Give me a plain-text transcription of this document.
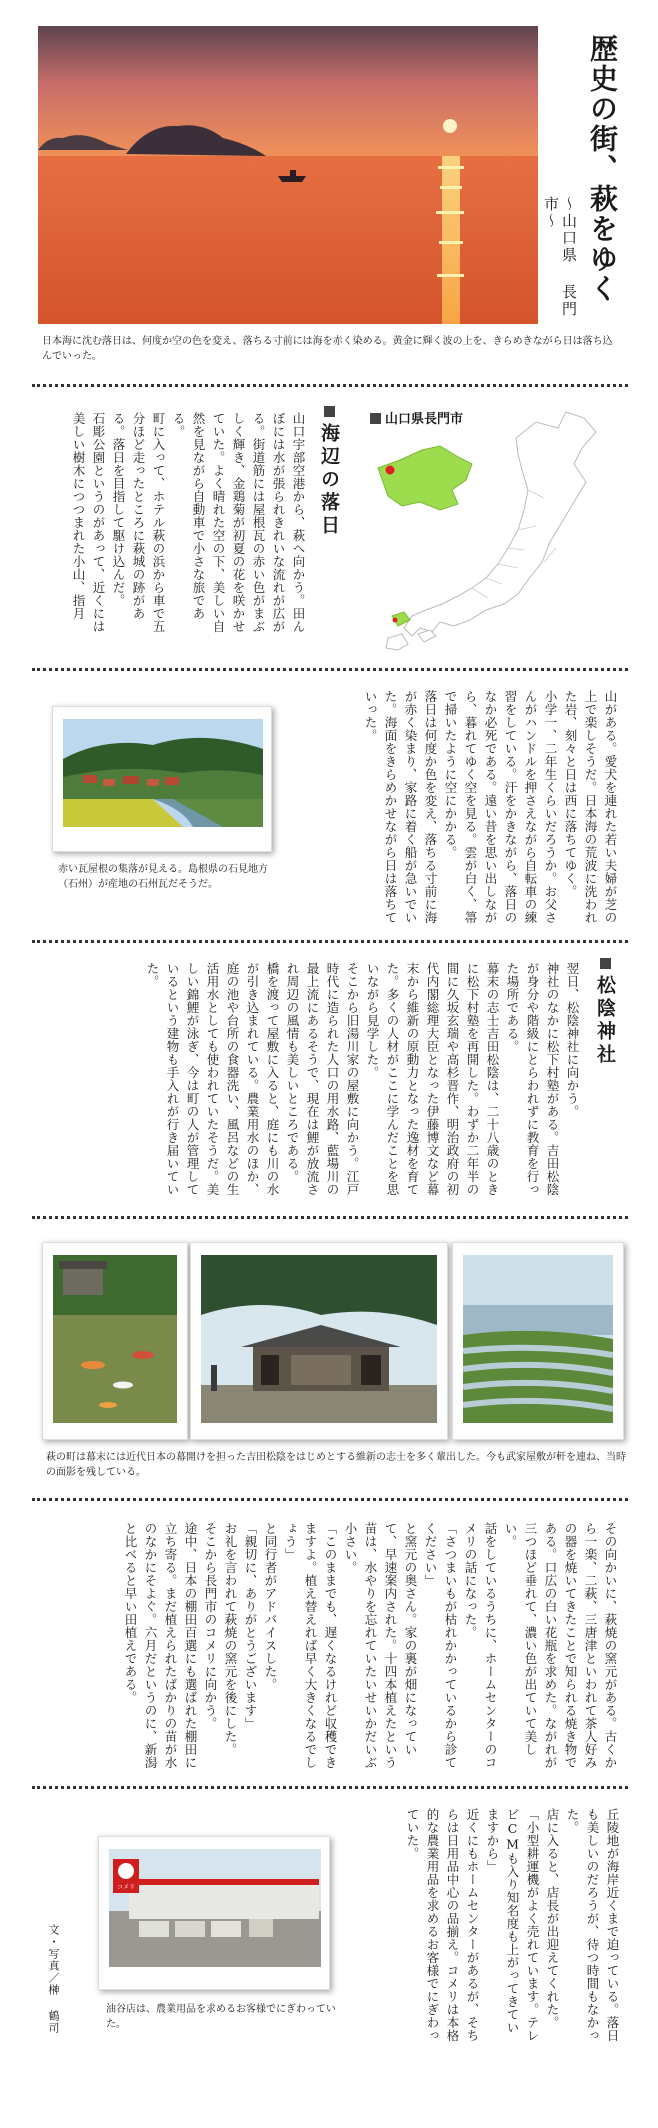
歴史の街、萩をゆく
〜山口県 長門市〜
日本海に沈む落日は、何度か空の色を変え、落ちる寸前には海を赤く染める。黄金に輝く波の上を、きらめきながら日は落ち込んでいった。
海辺の落日

山口宇部空港から、萩へ向かう。田んぼには水が張られきれいな流れが広がる。街道筋には屋根瓦の赤い色がまぶしく輝き、金鶏菊が初夏の花を咲かせていた。よく晴れた空の下、美しい自然を見ながら自動車で小さな旅である。

町に入って、ホテル萩の浜から車で五分ほど走ったところに萩城の跡がある。落日を目指して駆け込んだ。

石彫公園というのがあって、近くには美しい樹木につつまれた小山、指月	山口県長門市

山がある。愛犬を連れた若い夫婦が芝の上で楽しそうだ。日本海の荒波に洗われた岩、刻々と日は西に落ちてゆく。

小学一、二年生くらいだろうか。お父さんがハンドルを押さえながら自転車の練習をしている。汗をかきながら、落日のなか必死である。遠い昔を思い出しながら、暮れてゆく空を見る。雲が白く、箒で掃いたように空にかかる。

落日は何度か色を変え、落ちる寸前に海が赤く染まり、家路に着く船が急いでいた。海面をきらめかせながら日は落ちていった。

赤い瓦屋根の集落が見える。島根県の石見地方（石州）が産地の石州瓦だそうだ。
松陰神社

翌日、松陰神社に向かう。

神社のなかに松下村塾がある。吉田松陰が身分や階級にとらわれずに教育を行った場所である。

幕末の志士吉田松陰は、二十八歳のときに松下村塾を再開した。わずか二年半の間に久坂玄瑞や高杉晋作、明治政府の初代内閣総理大臣となった伊藤博文など幕末から維新の原動力となった逸材を育てた。多くの人材がここに学んだことを思いながら見学した。

そこから旧湯川家の屋敷に向かう。江戸時代に造られた人口の用水路、藍場川の最上流にあるそうで、現在は鯉が放流され周辺の風情も美しいところである。

橋を渡って屋敷に入ると、庭にも川の水が引き込まれている。農業用水のほか、庭の池や台所の食器洗い、風呂などの生活用水としても使われていたそうだ。美しい錦鯉が泳ぎ、今は町の人が管理しているという建物も手入れが行き届いていた。

萩の町は幕末には近代日本の幕開けを担った吉田松陰をはじめとする維新の志士を多く輩出した。今も武家屋敷が軒を連ね、当時の面影を残している。

その向かいに、萩焼の窯元がある。古くから一楽、二萩、三唐津といわれて茶人好みの器を焼いてきたことで知られる焼き物である。口広の白い花瓶を求めた。ながれが三つほど垂れて、濃い色が出ていて美しい。

話をしているうちに、ホームセンターのコメリの話になった。

「さつまいもが枯れかかっているから診てください」

と窯元の奥さん。家の裏が畑になっていて、早速案内された。十四本植えたという苗は、水やりを忘れていたいせいかだいぶ小さい。

「このままでも、遅くなるけれど収穫できますよ。植え替えれば早く大きくなるでしょう」

と同行者がアドバイスした。

「親切に、ありがとうございます」

お礼を言われて萩焼の窯元を後にした。

そこから長門市のコメリに向かう。

途中、日本の棚田百選にも選ばれた棚田に立ち寄る。まだ植えられたばかりの苗が水のなかにそよぐ。六月だというのに、新潟と比べると早い田植えである。

丘陵地が海岸近くまで迫っている。落日も美しいのだろうが、待つ時間もなかった。

店に入ると、店長が出迎えてくれた。

「小型耕運機がよく売れています。テレビCMも入り知名度も上がってきていますから」

近くにもホームセンターがあるが、そちらは日用品中心の品揃え。コメリは本格的な農業用品を求めるお客様でにぎわっていた。

コメリ
油谷店は、農業用品を求めるお客様でにぎわっていた。
文・写真／榊 鶴司
